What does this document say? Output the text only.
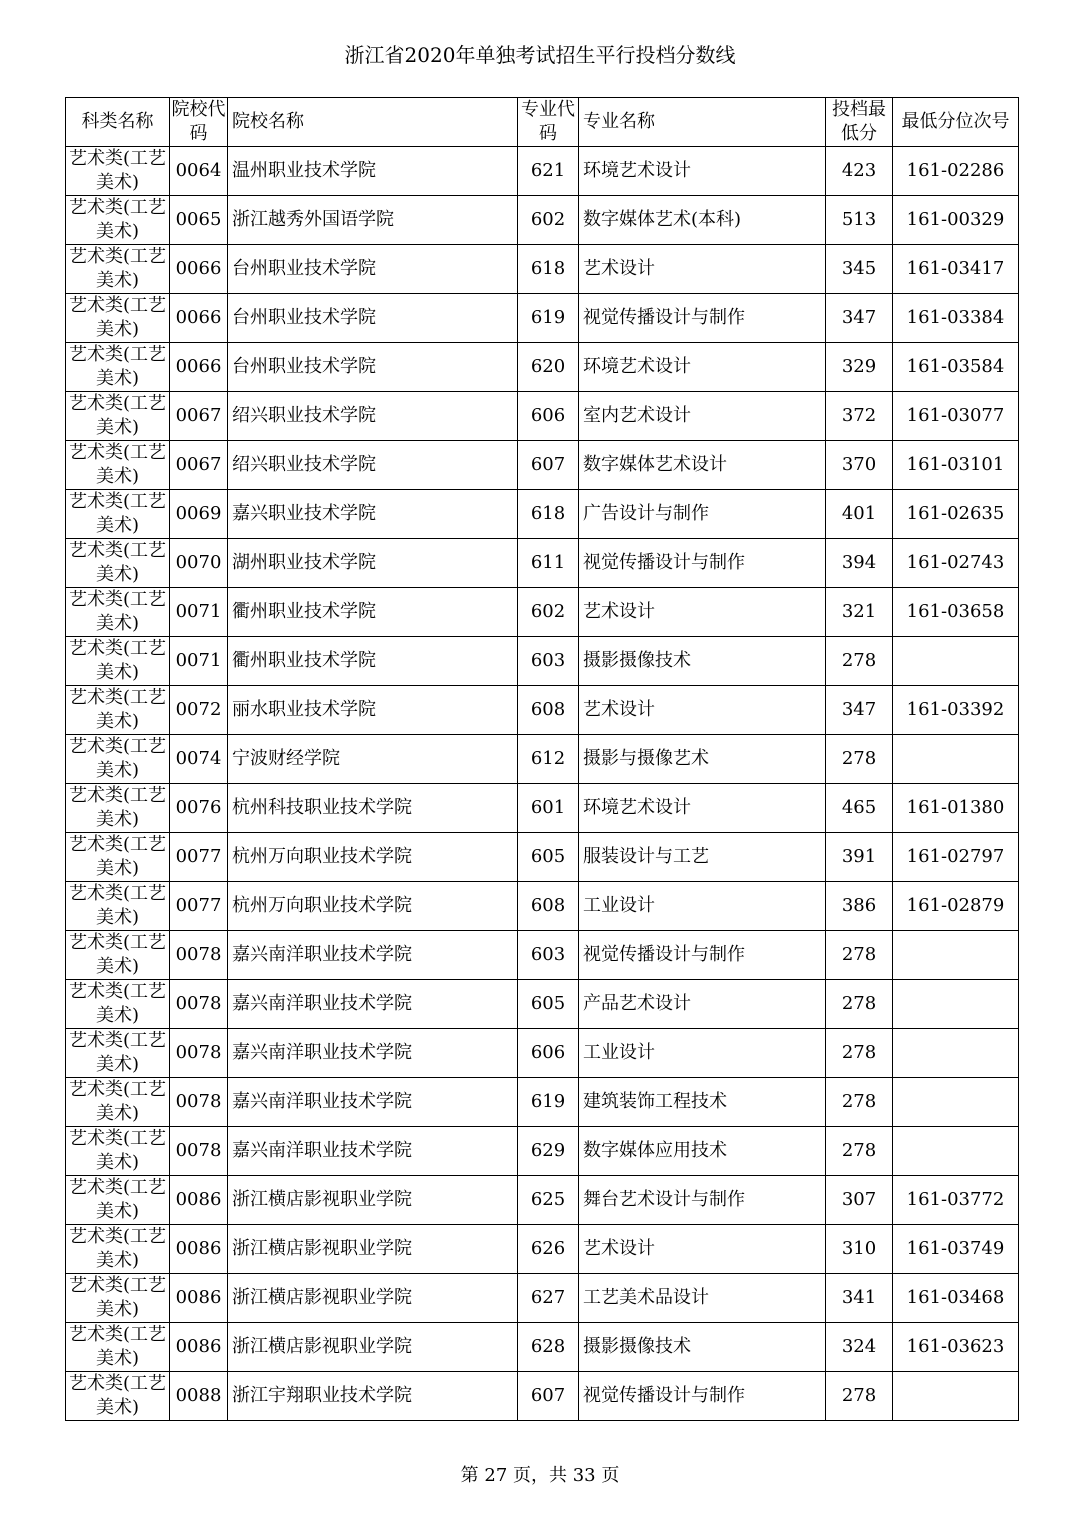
浙江省2020年单独考试招生平行投档分数线
科类名称	院校代码	院校名称	专业代码	专业名称	投档最低分	最低分位次号
艺术类(工艺美术)	0064	温州职业技术学院	621	环境艺术设计	423	161-02286
艺术类(工艺美术)	0065	浙江越秀外国语学院	602	数字媒体艺术(本科)	513	161-00329
艺术类(工艺美术)	0066	台州职业技术学院	618	艺术设计	345	161-03417
艺术类(工艺美术)	0066	台州职业技术学院	619	视觉传播设计与制作	347	161-03384
艺术类(工艺美术)	0066	台州职业技术学院	620	环境艺术设计	329	161-03584
艺术类(工艺美术)	0067	绍兴职业技术学院	606	室内艺术设计	372	161-03077
艺术类(工艺美术)	0067	绍兴职业技术学院	607	数字媒体艺术设计	370	161-03101
艺术类(工艺美术)	0069	嘉兴职业技术学院	618	广告设计与制作	401	161-02635
艺术类(工艺美术)	0070	湖州职业技术学院	611	视觉传播设计与制作	394	161-02743
艺术类(工艺美术)	0071	衢州职业技术学院	602	艺术设计	321	161-03658
艺术类(工艺美术)	0071	衢州职业技术学院	603	摄影摄像技术	278	
艺术类(工艺美术)	0072	丽水职业技术学院	608	艺术设计	347	161-03392
艺术类(工艺美术)	0074	宁波财经学院	612	摄影与摄像艺术	278	
艺术类(工艺美术)	0076	杭州科技职业技术学院	601	环境艺术设计	465	161-01380
艺术类(工艺美术)	0077	杭州万向职业技术学院	605	服装设计与工艺	391	161-02797
艺术类(工艺美术)	0077	杭州万向职业技术学院	608	工业设计	386	161-02879
艺术类(工艺美术)	0078	嘉兴南洋职业技术学院	603	视觉传播设计与制作	278	
艺术类(工艺美术)	0078	嘉兴南洋职业技术学院	605	产品艺术设计	278	
艺术类(工艺美术)	0078	嘉兴南洋职业技术学院	606	工业设计	278	
艺术类(工艺美术)	0078	嘉兴南洋职业技术学院	619	建筑装饰工程技术	278	
艺术类(工艺美术)	0078	嘉兴南洋职业技术学院	629	数字媒体应用技术	278	
艺术类(工艺美术)	0086	浙江横店影视职业学院	625	舞台艺术设计与制作	307	161-03772
艺术类(工艺美术)	0086	浙江横店影视职业学院	626	艺术设计	310	161-03749
艺术类(工艺美术)	0086	浙江横店影视职业学院	627	工艺美术品设计	341	161-03468
艺术类(工艺美术)	0086	浙江横店影视职业学院	628	摄影摄像技术	324	161-03623
艺术类(工艺美术)	0088	浙江宇翔职业技术学院	607	视觉传播设计与制作	278	
第 27 页，共 33 页
